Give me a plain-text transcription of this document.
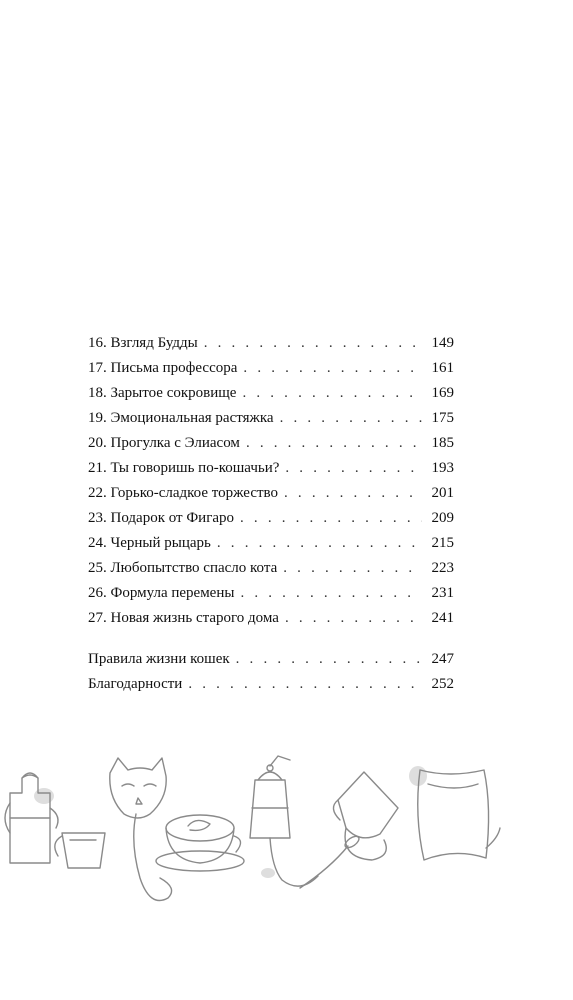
16. Взгляд Будды . . .	149
17. Письма профессора . . .	161
18. Зарытое сокровище . . .	169
19. Эмоциональная растяжка . . .	175
20. Прогулка с Элиасом . . .	185
21. Ты говоришь по-кошачьи? . . .	193
22. Горько-сладкое торжество . . .	201
23. Подарок от Фигаро . . .	209
24. Черный рыцарь . . .	215
25. Любопытство спасло кота . . .	223
26. Формула перемены . . .	231
27. Новая жизнь старого дома . . .	241
Правила жизни кошек . . .	247
Благодарности . . .	252
